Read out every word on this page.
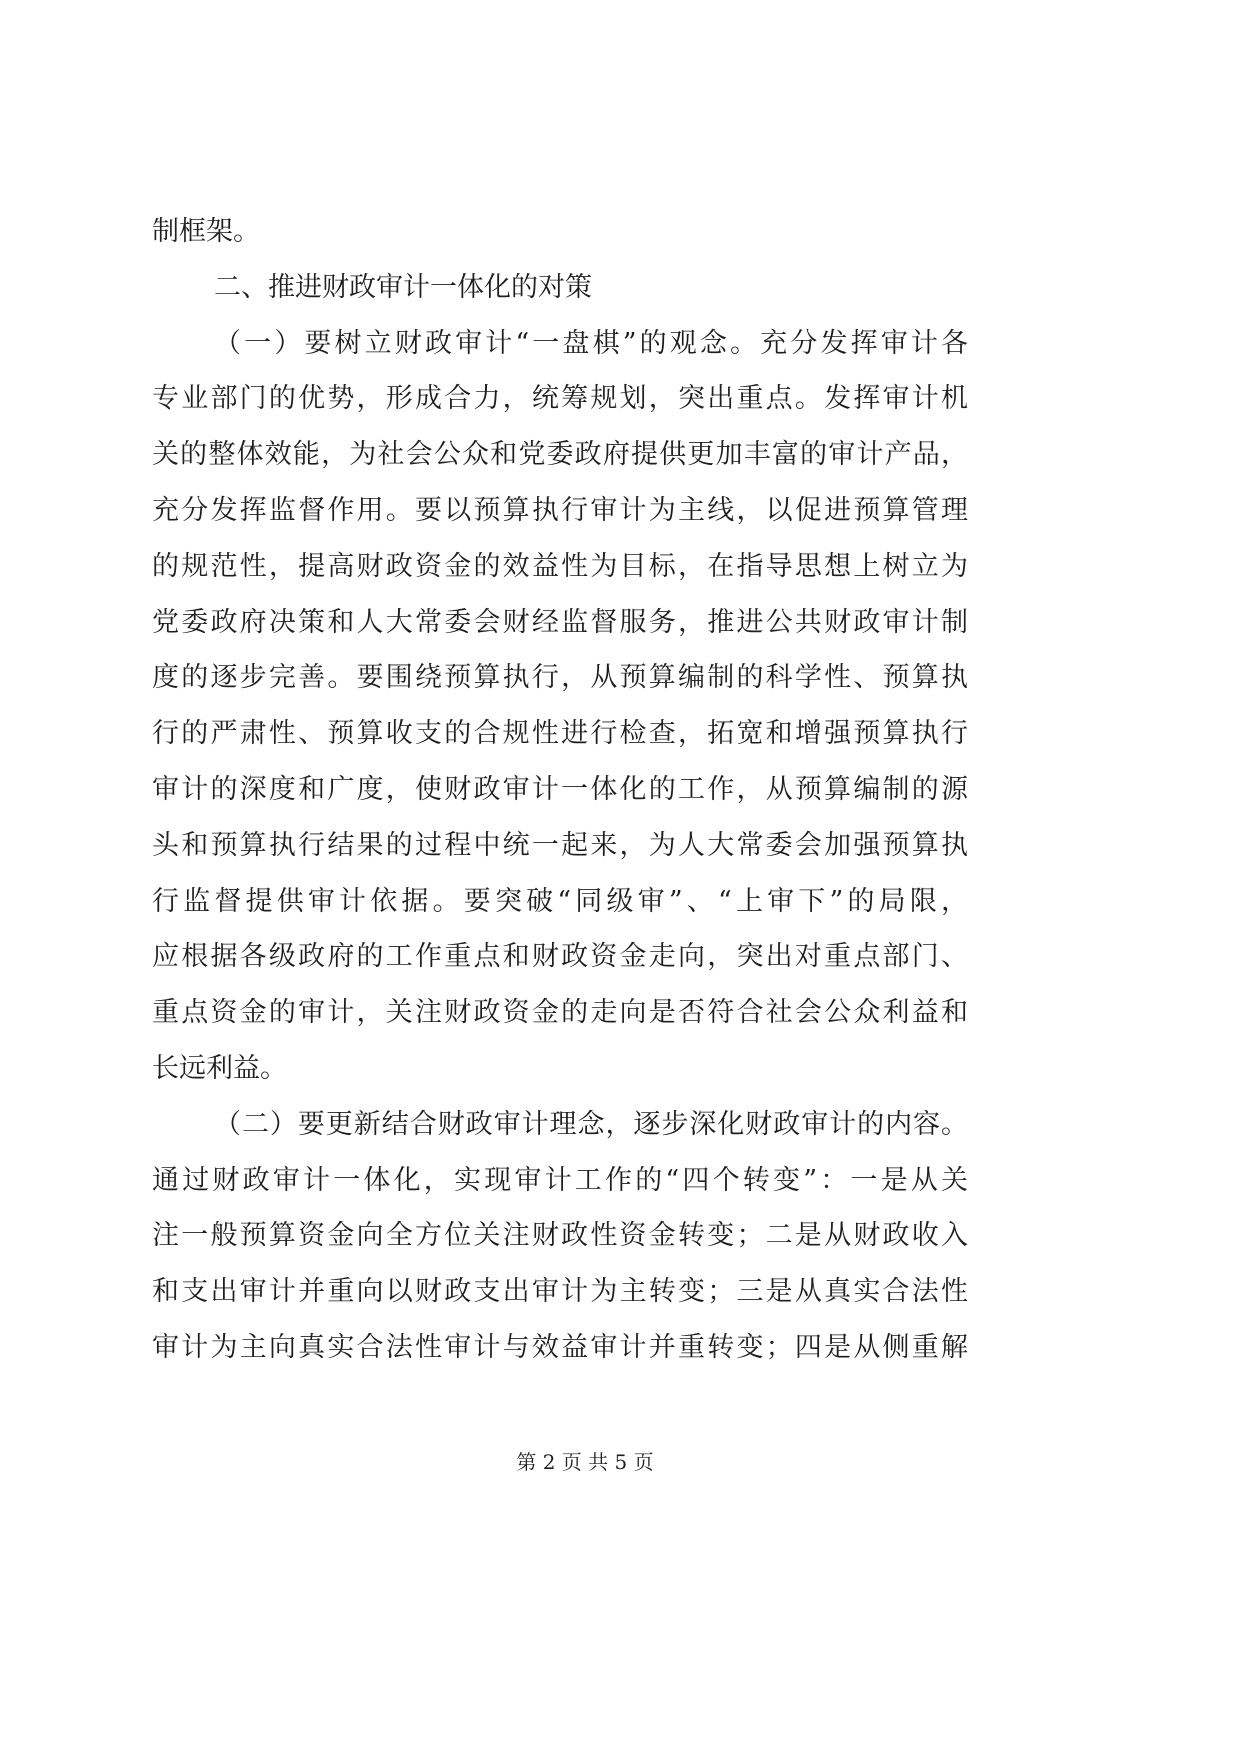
制框架。
二、推进财政审计一体化的对策
（一）要树立财政审计“一盘棋”的观念。充分发挥审计各
专业部门的优势，形成合力，统筹规划，突出重点。发挥审计机
关的整体效能，为社会公众和党委政府提供更加丰富的审计产品，
充分发挥监督作用。要以预算执行审计为主线，以促进预算管理
的规范性，提高财政资金的效益性为目标，在指导思想上树立为
党委政府决策和人大常委会财经监督服务，推进公共财政审计制
度的逐步完善。要围绕预算执行，从预算编制的科学性、预算执
行的严肃性、预算收支的合规性进行检查，拓宽和增强预算执行
审计的深度和广度，使财政审计一体化的工作，从预算编制的源
头和预算执行结果的过程中统一起来，为人大常委会加强预算执
行监督提供审计依据。要突破“同级审”、“上审下”的局限，
应根据各级政府的工作重点和财政资金走向，突出对重点部门、
重点资金的审计，关注财政资金的走向是否符合社会公众利益和
长远利益。
（二）要更新结合财政审计理念，逐步深化财政审计的内容。
通过财政审计一体化，实现审计工作的“四个转变”：一是从关
注一般预算资金向全方位关注财政性资金转变；二是从财政收入
和支出审计并重向以财政支出审计为主转变；三是从真实合法性
审计为主向真实合法性审计与效益审计并重转变；四是从侧重解
第 2 页 共 5 页
